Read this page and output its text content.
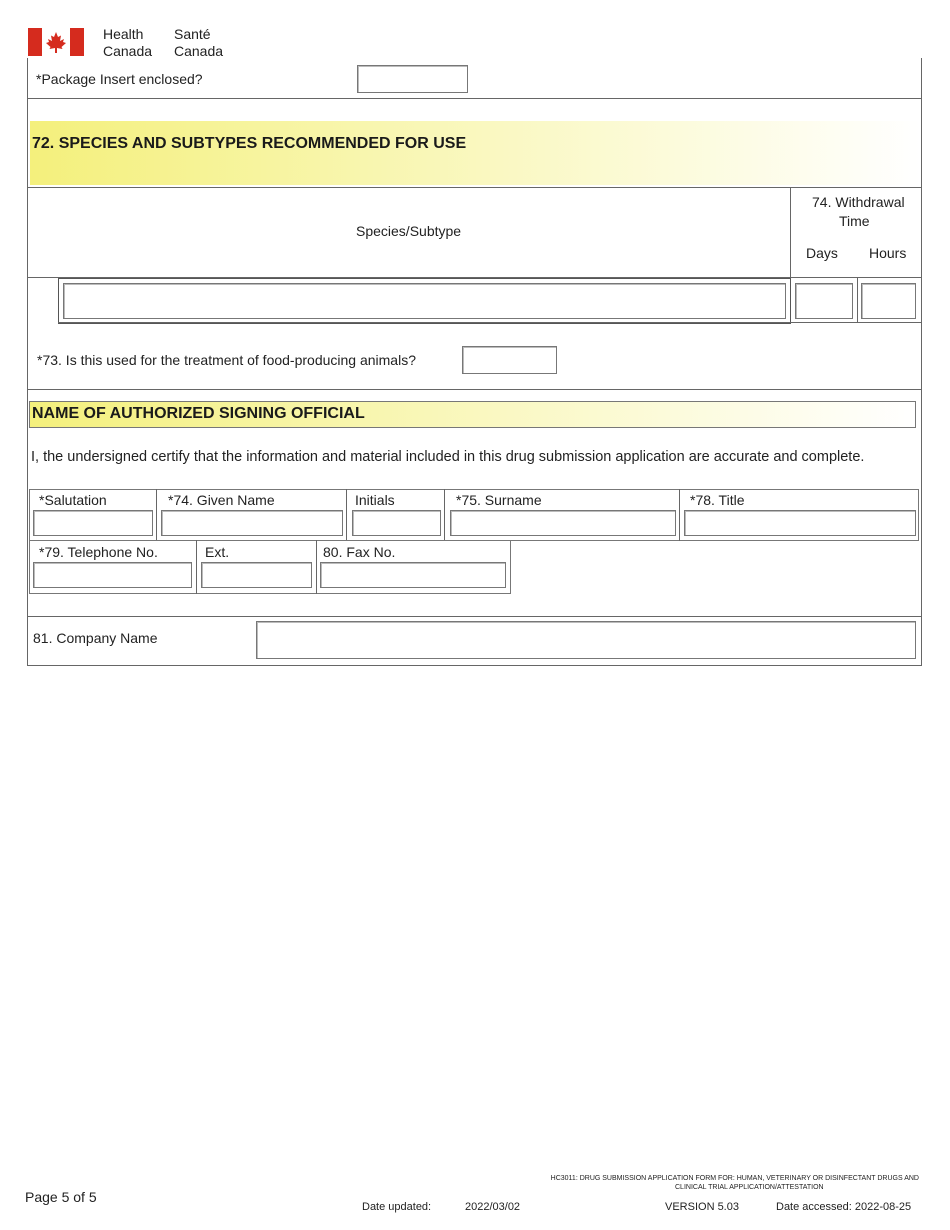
Health
Canada
Santé
Canada
*Package Insert enclosed?
72. SPECIES AND SUBTYPES RECOMMENDED FOR USE
Species/Subtype
74. Withdrawal
Time
Days Hours
*73. Is this used for the treatment of food-producing animals?
NAME OF AUTHORIZED SIGNING OFFICIAL
I, the undersigned certify that the information and material included in this drug submission application are accurate and complete.
*Salutation	*74. Given Name	Initials	*75. Surname	*78. Title
*79. Telephone No.	Ext.	80. Fax No.
81. Company Name
Page 5 of 5
HC3011: DRUG SUBMISSION APPLICATION FORM FOR: HUMAN, VETERINARY OR DISINFECTANT DRUGS AND
CLINICAL TRIAL APPLICATION/ATTESTATION
Date updated:	2022/03/02	VERSION 5.03	Date accessed: 2022-08-25
